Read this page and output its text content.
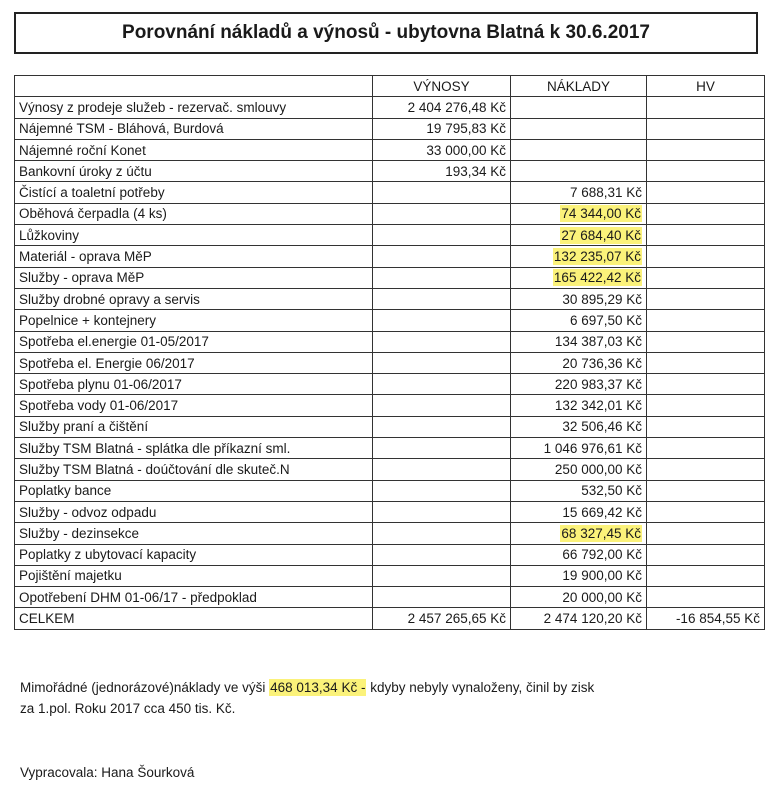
Porovnání nákladů a výnosů - ubytovna Blatná k 30.6.2017
	VÝNOSY	NÁKLADY	HV
Výnosy z prodeje služeb - rezervač. smlouvy	2 404 276,48 Kč		
Nájemné TSM - Bláhová, Burdová	19 795,83 Kč		
Nájemné roční Konet	33 000,00 Kč		
Bankovní úroky z účtu	193,34 Kč		
Čistící a toaletní potřeby		7 688,31 Kč	
Oběhová čerpadla (4 ks)		74 344,00 Kč	
Lůžkoviny		27 684,40 Kč	
Materiál - oprava MěP		132 235,07 Kč	
Služby - oprava MěP		165 422,42 Kč	
Služby drobné opravy a servis		30 895,29 Kč	
Popelnice + kontejnery		6 697,50 Kč	
Spotřeba el.energie 01-05/2017		134 387,03 Kč	
Spotřeba el. Energie 06/2017		20 736,36 Kč	
Spotřeba plynu 01-06/2017		220 983,37 Kč	
Spotřeba vody 01-06/2017		132 342,01 Kč	
Služby praní a čištění		32 506,46 Kč	
Služby TSM Blatná - splátka dle příkazní sml.		1 046 976,61 Kč	
Služby TSM Blatná - doúčtování dle skuteč.N		250 000,00 Kč	
Poplatky bance		532,50 Kč	
Služby - odvoz odpadu		15 669,42 Kč	
Služby - dezinsekce		68 327,45 Kč	
Poplatky z ubytovací kapacity		66 792,00 Kč	
Pojištění majetku		19 900,00 Kč	
Opotřebení DHM 01-06/17 - předpoklad		20 000,00 Kč	
CELKEM	2 457 265,65 Kč	2 474 120,20 Kč	-16 854,55 Kč
Mimořádné (jednorázové)náklady ve výši 468 013,34 Kč - kdyby nebyly vynaloženy, činil by zisk
za 1.pol. Roku 2017 cca 450 tis. Kč.
Vypracovala: Hana Šourková
